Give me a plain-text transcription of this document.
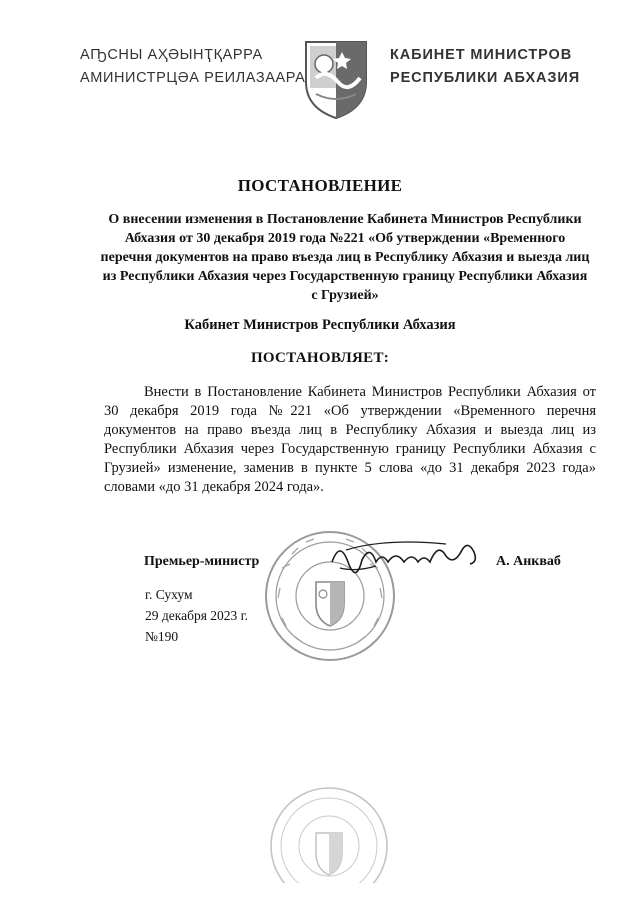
АҦСНЫ АҲӘЫНҬҚАРРА
АМИНИСТРЦӘА РЕИЛАЗААРА
КАБИНЕТ МИНИСТРОВ
РЕСПУБЛИКИ АБХАЗИЯ
ПОСТАНОВЛЕНИЕ
О внесении изменения в Постановление Кабинета Министров Республики Абхазия от 30 декабря 2019 года №221 «Об утверждении «Временного перечня документов на право въезда лиц в Республику Абхазия и выезда лиц из Республики Абхазия через Государственную границу Республики Абхазия с Грузией»
Кабинет Министров Республики Абхазия
ПОСТАНОВЛЯЕТ:
Внести в Постановление Кабинета Министров Республики Абхазия от 30 декабря 2019 года №221 «Об утверждении «Временного перечня документов на право въезда лиц в Республику Абхазия и выезда лиц из Республики Абхазия через Государственную границу Республики Абхазия с Грузией» изменение, заменив в пункте 5 слова «до 31 декабря 2023 года» словами «до 31 декабря 2024 года».
Премьер-министр	А. Анкваб
г. Сухум
29 декабря 2023 г.
№190
